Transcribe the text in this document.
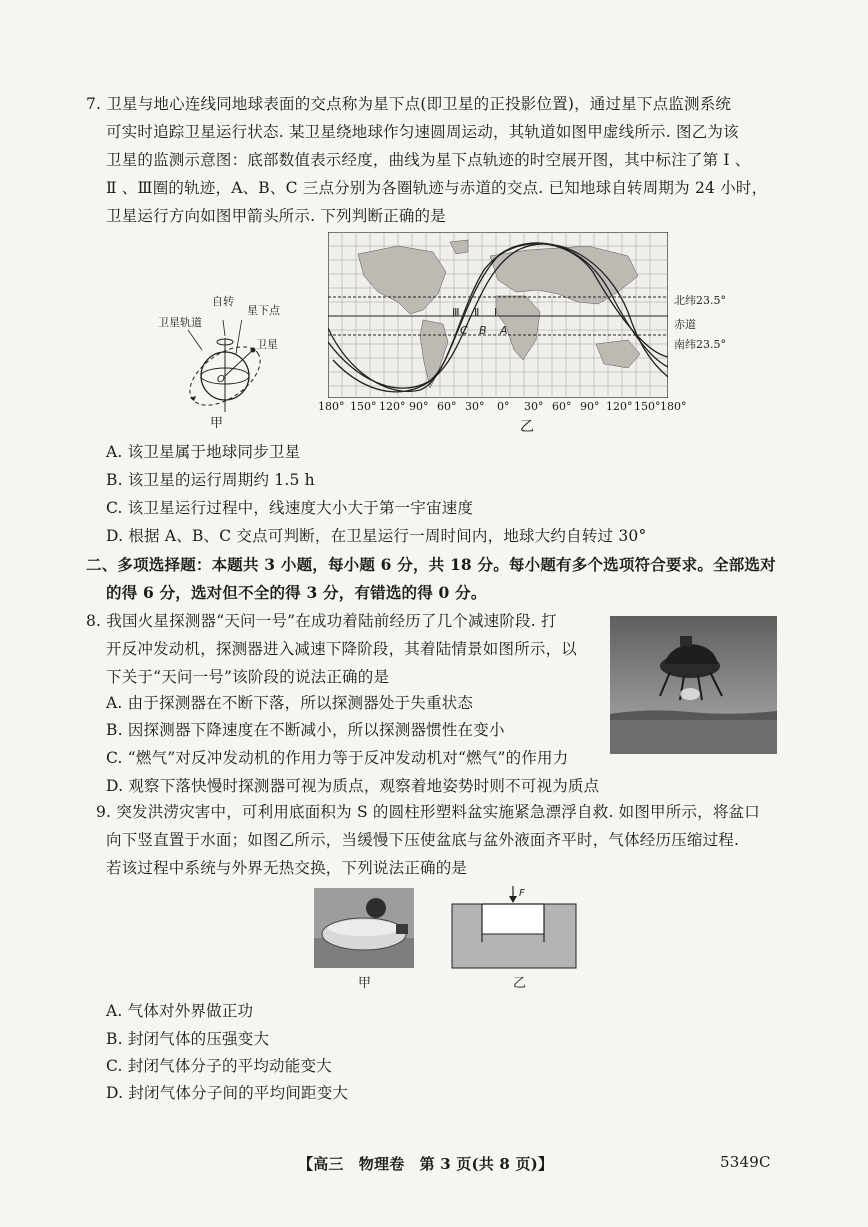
7. 卫星与地心连线同地球表面的交点称为星下点(即卫星的正投影位置)，通过星下点监测系统
可实时追踪卫星运行状态. 某卫星绕地球作匀速圆周运动，其轨道如图甲虚线所示. 图乙为该
卫星的监测示意图：底部数值表示经度，曲线为星下点轨迹的时空展开图，其中标注了第 Ⅰ 、
Ⅱ 、Ⅲ圈的轨迹，A、B、C 三点分别为各圈轨迹与赤道的交点. 已知地球自转周期为 24 小时，
卫星运行方向如图甲箭头所示. 下列判断正确的是
O
自转
星下点
卫星轨道
卫星
甲
Ⅲ Ⅱ Ⅰ
C B A
北纬23.5°
赤道
南纬23.5°
180° 150° 120° 90° 60° 30° 0° 30° 60° 90° 120° 150° 180°
乙
A. 该卫星属于地球同步卫星
B. 该卫星的运行周期约 1.5 h
C. 该卫星运行过程中，线速度大小大于第一宇宙速度
D. 根据 A、B、C 交点可判断，在卫星运行一周时间内，地球大约自转过 30°
二、多项选择题：本题共 3 小题，每小题 6 分，共 18 分。每小题有多个选项符合要求。全部选对
的得 6 分，选对但不全的得 3 分，有错选的得 0 分。
8. 我国火星探测器“天问一号”在成功着陆前经历了几个减速阶段. 打
开反冲发动机，探测器进入减速下降阶段，其着陆情景如图所示，以
下关于“天问一号”该阶段的说法正确的是
A. 由于探测器在不断下落，所以探测器处于失重状态
B. 因探测器下降速度在不断减小，所以探测器惯性在变小
C. “燃气”对反冲发动机的作用力等于反冲发动机对“燃气”的作用力
D. 观察下落快慢时探测器可视为质点，观察着地姿势时则不可视为质点
9. 突发洪涝灾害中，可利用底面积为 S 的圆柱形塑料盆实施紧急漂浮自救. 如图甲所示，将盆口
向下竖直置于水面；如图乙所示，当缓慢下压使盆底与盆外液面齐平时，气体经历压缩过程.
若该过程中系统与外界无热交换，下列说法正确的是
甲
F
乙
A. 气体对外界做正功
B. 封闭气体的压强变大
C. 封闭气体分子的平均动能变大
D. 封闭气体分子间的平均间距变大
【高三　物理卷　第 3 页(共 8 页)】	5349C
